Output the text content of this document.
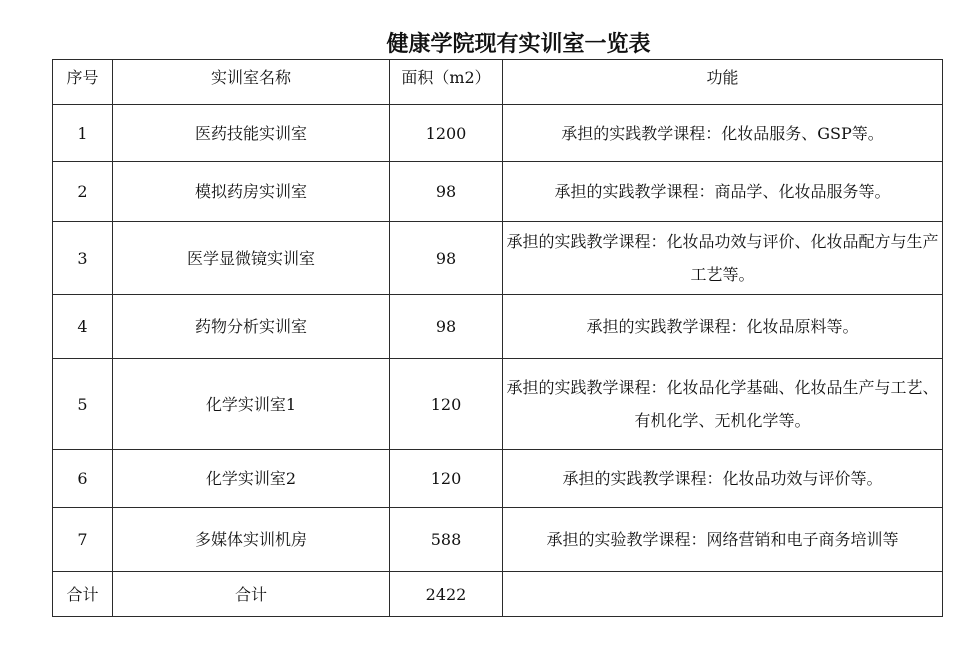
健康学院现有实训室一览表
序号	实训室名称	面积（m2）	功能
1	医药技能实训室	1200	承担的实践教学课程：化妆品服务、GSP等。
2	模拟药房实训室	98	承担的实践教学课程：商品学、化妆品服务等。
3	医学显微镜实训室	98	承担的实践教学课程：化妆品功效与评价、化妆品配方与生产工艺等。
4	药物分析实训室	98	承担的实践教学课程：化妆品原料等。
5	化学实训室1	120	承担的实践教学课程：化妆品化学基础、化妆品生产与工艺、有机化学、无机化学等。
6	化学实训室2	120	承担的实践教学课程：化妆品功效与评价等。
7	多媒体实训机房	588	承担的实验教学课程：网络营销和电子商务培训等
合计	合计	2422	
